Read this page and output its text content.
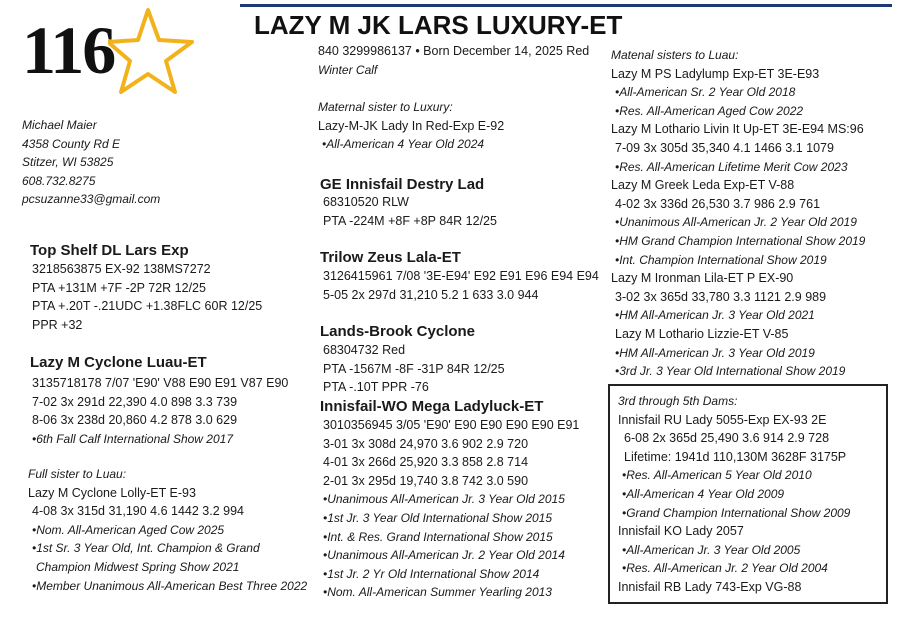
116	LAZY M JK LARS LUXURY-ET
Michael Maier
4358 County Rd E
Stitzer, WI 53825
608.732.8275
pcsuzanne33@gmail.com
Top Shelf DL Lars Exp
3218563875 EX-92 138MS7272
PTA +131M +7F -2P 72R 12/25
PTA +.20T -.21UDC +1.38FLC 60R 12/25
PPR +32
Lazy M Cyclone Luau-ET
3135718178 7/07 'E90' V88 E90 E91 V87 E90
7-02 3x 291d 22,390 4.0 898 3.3 739
8-06 3x 238d 20,860 4.2 878 3.0 629
•6th Fall Calf International Show 2017
Full sister to Luau:
Lazy M Cyclone Lolly-ET E-93
4-08 3x 315d 31,190 4.6 1442 3.2 994
•Nom. All-American Aged Cow 2025
•1st Sr. 3 Year Old, Int. Champion & Grand
Champion Midwest Spring Show 2021
•Member Unanimous All-American Best Three 2022
840 3299986137 • Born December 14, 2025 Red
Winter Calf
Maternal sister to Luxury:
Lazy-M-JK Lady In Red-Exp E-92
•All-American 4 Year Old 2024
GE Innisfail Destry Lad
68310520 RLW
PTA -224M +8F +8P 84R 12/25
Trilow Zeus Lala-ET
3126415961 7/08 '3E-E94' E92 E91 E96 E94 E94
5-05 2x 297d 31,210 5.2 1 633 3.0 944
Lands-Brook Cyclone
68304732 Red
PTA -1567M -8F -31P 84R 12/25
PTA -.10T PPR -76
Innisfail-WO Mega Ladyluck-ET
3010356945 3/05 'E90' E90 E90 E90 E90 E91
3-01 3x 308d 24,970 3.6 902 2.9 720
4-01 3x 266d 25,920 3.3 858 2.8 714
2-01 3x 295d 19,740 3.8 742 3.0 590
•Unanimous All-American Jr. 3 Year Old 2015
•1st Jr. 3 Year Old International Show 2015
•Int. & Res. Grand International Show 2015
•Unanimous All-American Jr. 2 Year Old 2014
•1st Jr. 2 Yr Old International Show 2014
•Nom. All-American Summer Yearling 2013
Matenal sisters to Luau:
Lazy M PS Ladylump Exp-ET 3E-E93
•All-American Sr. 2 Year Old 2018
•Res. All-American Aged Cow 2022
Lazy M Lothario Livin It Up-ET 3E-E94 MS:96
7-09 3x 305d 35,340 4.1 1466 3.1 1079
•Res. All-American Lifetime Merit Cow 2023
Lazy M Greek Leda Exp-ET V-88
4-02 3x 336d 26,530 3.7 986 2.9 761
•Unanimous All-American Jr. 2 Year Old 2019
•HM Grand Champion International Show 2019
•Int. Champion International Show 2019
Lazy M Ironman Lila-ET P EX-90
3-02 3x 365d 33,780 3.3 1121 2.9 989
•HM All-American Jr. 3 Year Old 2021
Lazy M Lothario Lizzie-ET V-85
•HM All-American Jr. 3 Year Old 2019
•3rd Jr. 3 Year Old International Show 2019
3rd through 5th Dams:
Innisfail RU Lady 5055-Exp EX-93 2E
6-08 2x 365d 25,490 3.6 914 2.9 728
Lifetime: 1941d 110,130M 3628F 3175P
•Res. All-American 5 Year Old 2010
•All-American 4 Year Old 2009
•Grand Champion International Show 2009
Innisfail KO Lady 2057
•All-American Jr. 3 Year Old 2005
•Res. All-American Jr. 2 Year Old 2004
Innisfail RB Lady 743-Exp VG-88
